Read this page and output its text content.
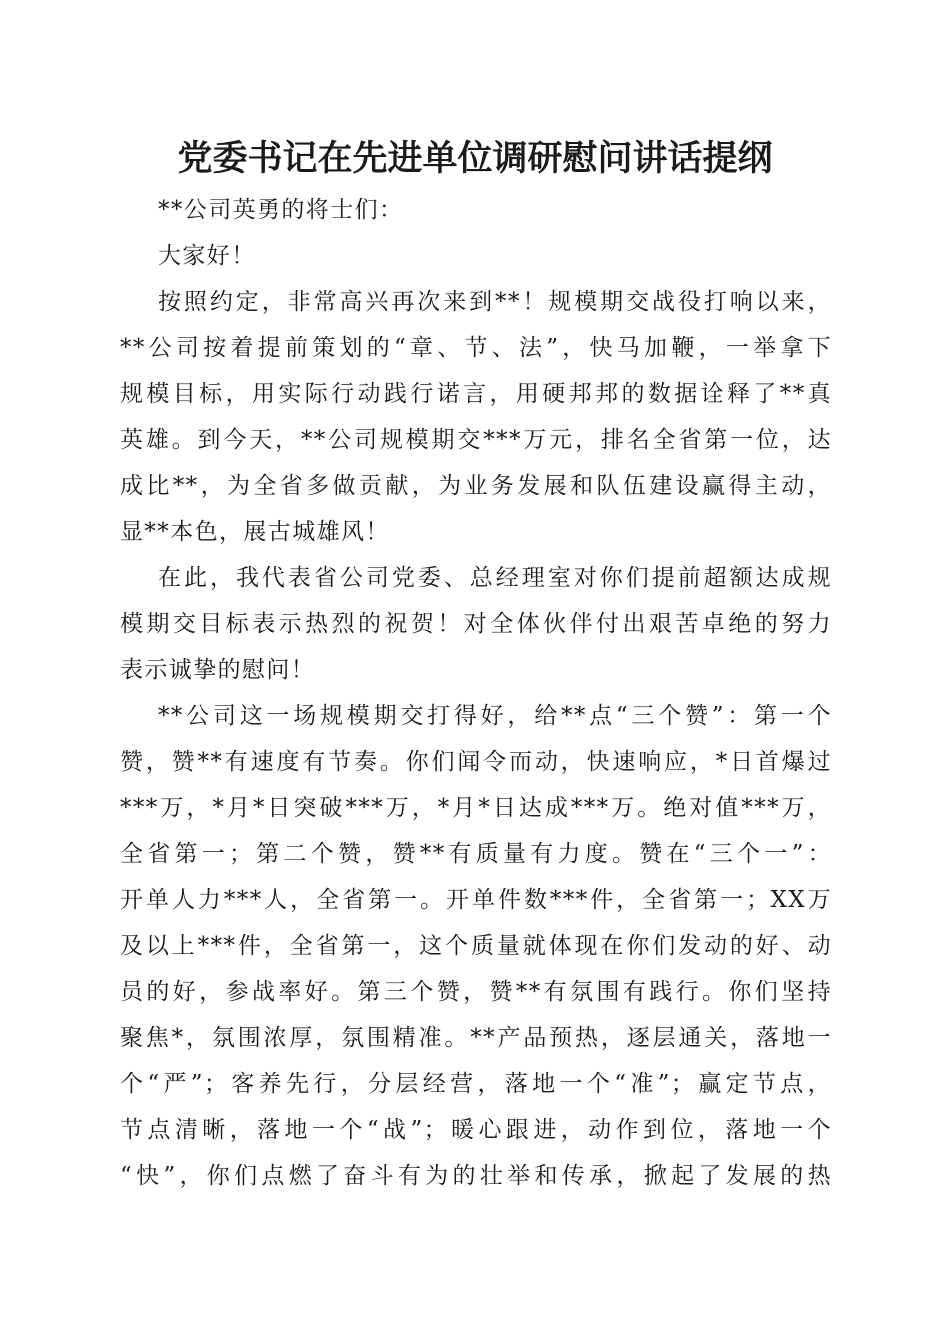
党委书记在先进单位调研慰问讲话提纲
**公司英勇的将士们：
大家好！
按照约定，非常高兴再次来到**！规模期交战役打响以来，
**公司按着提前策划的“章、节、法”，快马加鞭，一举拿下
规模目标，用实际行动践行诺言，用硬邦邦的数据诠释了**真
英雄。到今天，**公司规模期交***万元，排名全省第一位，达
成比**，为全省多做贡献，为业务发展和队伍建设赢得主动，
显**本色，展古城雄风！
在此，我代表省公司党委、总经理室对你们提前超额达成规
模期交目标表示热烈的祝贺！对全体伙伴付出艰苦卓绝的努力
表示诚挚的慰问！
**公司这一场规模期交打得好，给**点“三个赞”：第一个
赞，赞**有速度有节奏。你们闻令而动，快速响应，*日首爆过
***万，*月*日突破***万，*月*日达成***万。绝对值***万，
全省第一；第二个赞，赞**有质量有力度。赞在“三个一”：
开单人力***人，全省第一。开单件数***件，全省第一；XX万
及以上***件，全省第一，这个质量就体现在你们发动的好、动
员的好，参战率好。第三个赞，赞**有氛围有践行。你们坚持
聚焦*，氛围浓厚，氛围精准。**产品预热，逐层通关，落地一
个“严”；客养先行，分层经营，落地一个“准”；赢定节点，
节点清晰，落地一个“战”；暖心跟进，动作到位，落地一个
“快”，你们点燃了奋斗有为的壮举和传承，掀起了发展的热
